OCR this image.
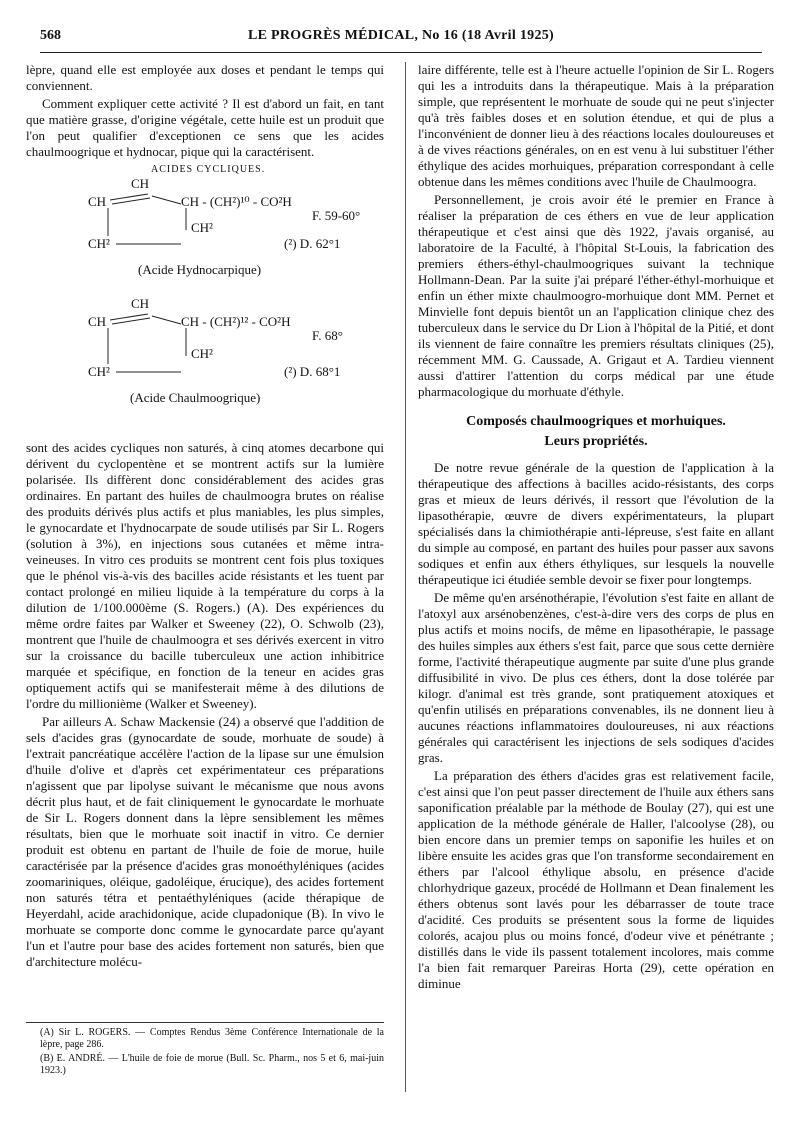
568	LE PROGRÈS MÉDICAL, No 16 (18 Avril 1925)

lèpre, quand elle est employée aux doses et pendant le temps qui conviennent.

Comment expliquer cette activité ? Il est d'abord un fait, en tant que matière grasse, d'origine végétale, cette huile est un produit que l'on peut qualifier d'exceptionen ce sens que les acides chaulmoogrique et hydnocar, pique qui la caractérisent.

ACIDES CYCLIQUES.
CH
CH	CH - (CH²)¹⁰ - CO²H
CH²
CH²
F. 59-60°
(²) D. 62°1
(Acide Hydnocarpique)
CH
CH	CH - (CH²)¹² - CO²H
CH²
CH²
F. 68°
(²) D. 68°1
(Acide Chaulmoogrique)

sont des acides cycliques non saturés, à cinq atomes decarbone qui dérivent du cyclopentène et se montrent actifs sur la lumière polarisée. Ils diffèrent donc considérablement des acides gras ordinaires. En partant des huiles de chaulmoogra brutes on réalise des produits dérivés plus actifs et plus maniables, les plus simples, le gynocardate et l'hydnocarpate de soude utilisés par Sir L. Rogers (solution à 3%), en injections sous cutanées et même intra-veineuses. In vitro ces produits se montrent cent fois plus toxiques que le phénol vis-à-vis des bacilles acide résistants et les tuent par contact prolongé en milieu liquide à la température du corps à la dilution de 1/100.000ème (S. Rogers.) (A). Des expériences du même ordre faites par Walker et Sweeney (22), O. Schwolb (23), montrent que l'huile de chaulmoogra et ses dérivés exercent in vitro sur la croissance du bacille tuberculeux une action inhibitrice marquée et spécifique, en fonction de la teneur en acides gras optiquement actifs qui se manifesterait même à des dilutions de l'ordre du millionième (Walker et Sweeney).

Par ailleurs A. Schaw Mackensie (24) a observé que l'addition de sels d'acides gras (gynocardate de soude, morhuate de soude) à l'extrait pancréatique accélère l'action de la lipase sur une émulsion d'huile d'olive et d'après cet expérimentateur ces préparations n'agissent que par lipolyse suivant le mécanisme que nous avons décrit plus haut, et de fait cliniquement le gynocardate le morhuate de Sir L. Rogers donnent dans la lèpre sensiblement les mêmes résultats, bien que le morhuate soit inactif in vitro. Ce dernier produit est obtenu en partant de l'huile de foie de morue, huile caractérisée par la présence d'acides gras monoéthyléniques (acides zoomariniques, oléique, gadoléique, érucique), des acides fortement non saturés tétra et pentaéthyléniques (acide thérapique de Heyerdahl, acide arachidonique, acide clupadonique (B). In vivo le morhuate se comporte donc comme le gynocardate parce qu'ayant l'un et l'autre pour base des acides fortement non saturés, bien que d'architecture molécu-

(A) Sir L. ROGERS. — Comptes Rendus 3ème Conférence Internationale de la lèpre, page 286.

(B) E. ANDRÉ. — L'huile de foie de morue (Bull. Sc. Pharm., nos 5 et 6, mai-juin 1923.)

laire différente, telle est à l'heure actuelle l'opinion de Sir L. Rogers qui les a introduits dans la thérapeutique. Mais à la préparation simple, que représentent le morhuate de soude qui ne peut s'injecter qu'à très faibles doses et en solution étendue, et qui de plus a l'inconvénient de donner lieu à des réactions locales douloureuses et à de vives réactions générales, on en est venu à lui substituer l'éther éthylique des acides morhuiques, préparation correspondant à celle obtenue dans les mêmes conditions avec l'huile de Chaulmoogra.

Personnellement, je crois avoir été le premier en France à réaliser la préparation de ces éthers en vue de leur application thérapeutique et c'est ainsi que dès 1922, j'avais organisé, au laboratoire de la Faculté, à l'hôpital St-Louis, la fabrication des premiers éthers-éthyl-chaulmoogriques suivant la technique Hollmann-Dean. Par la suite j'ai préparé l'éther-éthyl-morhuique et enfin un éther mixte chaulmoogro-morhuique dont MM. Pernet et Minvielle font depuis bientôt un an l'application clinique chez des tuberculeux dans le service du Dr Lion à l'hôpital de la Pitié, et dont ils viennent de faire connaître les premiers résultats cliniques (25), récemment MM. G. Caussade, A. Grigaut et A. Tardieu viennent aussi d'attirer l'attention du corps médical par une étude pharmacologique du morhuate d'éthyle.

Composés chaulmoogriques et morhuiques.
Leurs propriétés.

De notre revue générale de la question de l'application à la thérapeutique des affections à bacilles acido-résistants, des corps gras et mieux de leurs dérivés, il ressort que l'évolution de la lipasothérapie, œuvre de divers expérimentateurs, la plupart spécialisés dans la chimiothérapie anti-lépreuse, s'est faite en allant du simple au composé, en partant des huiles pour passer aux savons sodiques et enfin aux éthers éthyliques, sur lesquels la nouvelle thérapeutique ici étudiée semble devoir se fixer pour longtemps.

De même qu'en arsénothérapie, l'évolution s'est faite en allant de l'atoxyl aux arsénobenzènes, c'est-à-dire vers des corps de plus en plus actifs et moins nocifs, de même en lipasothérapie, le passage des huiles simples aux éthers s'est fait, parce que sous cette dernière forme, l'activité thérapeutique augmente par suite d'une plus grande diffusibilité in vivo. De plus ces éthers, dont la dose tolérée par kilogr. d'animal est très grande, sont pratiquement atoxiques et qu'enfin utilisés en préparations convenables, ils ne donnent lieu à aucunes réactions inflammatoires douloureuses, ni aux réactions générales qui caractérisent les injections de sels sodiques d'acides gras.

La préparation des éthers d'acides gras est relativement facile, c'est ainsi que l'on peut passer directement de l'huile aux éthers sans saponification préalable par la méthode de Boulay (27), qui est une application de la méthode générale de Haller, l'alcoolyse (28), ou bien encore dans un premier temps on saponifie les huiles et on libère ensuite les acides gras que l'on transforme secondairement en éthers par l'alcool éthylique absolu, en présence d'acide chlorhydrique gazeux, procédé de Hollmann et Dean finalement les éthers obtenus sont lavés pour les débarrasser de toute trace d'acidité. Ces produits se présentent sous la forme de liquides colorés, acajou plus ou moins foncé, d'odeur vive et pénétrante ; distillés dans le vide ils passent totalement incolores, mais comme l'a bien fait remarquer Pareiras Horta (29), cette opération en diminue
